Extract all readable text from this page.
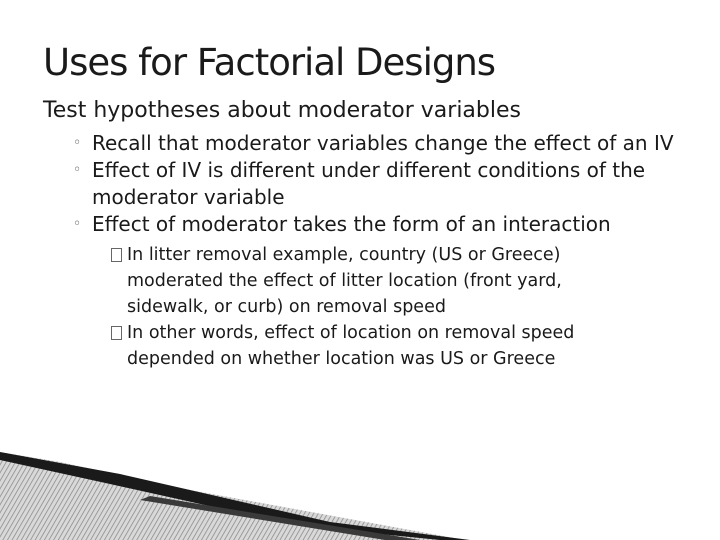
Uses for Factorial Designs

Test hypotheses about moderator variables

◦ Recall that moderator variables change the effect of an IV
◦ Effect of IV is different under different conditions of the moderator variable
◦ Effect of moderator takes the form of an interaction
In litter removal example, country (US or Greece) moderated the effect of litter location (front yard, sidewalk, or curb) on removal speed
In other words, effect of location on removal speed depended on whether location was US or Greece
